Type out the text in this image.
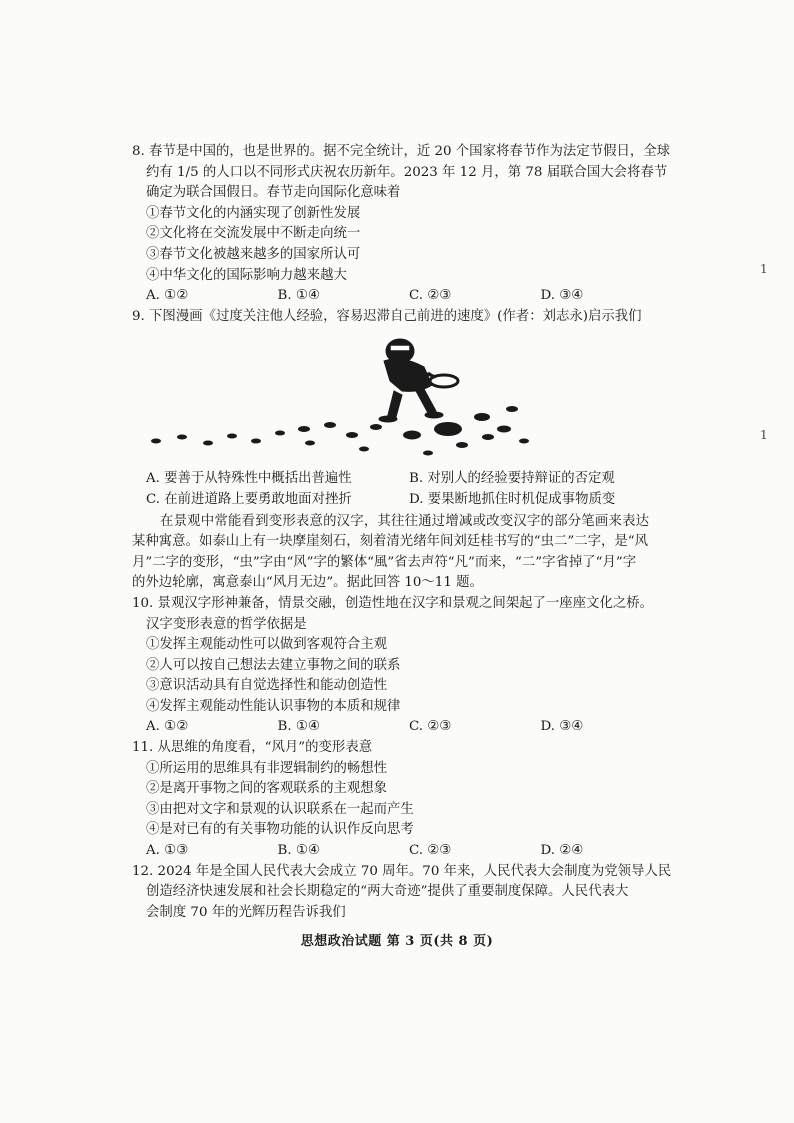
8. 春节是中国的，也是世界的。据不完全统计，近 20 个国家将春节作为法定节假日，全球

约有 1/5 的人口以不同形式庆祝农历新年。2023 年 12 月，第 78 届联合国大会将春节

确定为联合国假日。春节走向国际化意味着

①春节文化的内涵实现了创新性发展

②文化将在交流发展中不断走向统一

③春节文化被越来越多的国家所认可

④中华文化的国际影响力越来越大

A. ①②	B. ①④	C. ②③	D. ③④

9. 下图漫画《过度关注他人经验，容易迟滞自己前进的速度》(作者：刘志永)启示我们

A. 要善于从特殊性中概括出普遍性	B. 对别人的经验要持辩证的否定观
C. 在前进道路上要勇敢地面对挫折	D. 要果断地抓住时机促成事物质变

在景观中常能看到变形表意的汉字，其往往通过增减或改变汉字的部分笔画来表达

某种寓意。如泰山上有一块摩崖刻石，刻着清光绪年间刘廷桂书写的“虫二”二字，是“风

月”二字的变形，“虫”字由“风”字的繁体“風”省去声符“凡”而来，“二”字省掉了“月”字

的外边轮廓，寓意泰山“风月无边”。据此回答 10～11 题。

10. 景观汉字形神兼备，情景交融，创造性地在汉字和景观之间架起了一座座文化之桥。

汉字变形表意的哲学依据是

①发挥主观能动性可以做到客观符合主观

②人可以按自己想法去建立事物之间的联系

③意识活动具有自觉选择性和能动创造性

④发挥主观能动性能认识事物的本质和规律

A. ①②	B. ①④	C. ②③	D. ③④

11. 从思维的角度看，“风月”的变形表意

①所运用的思维具有非逻辑制约的畅想性

②是离开事物之间的客观联系的主观想象

③由把对文字和景观的认识联系在一起而产生

④是对已有的有关事物功能的认识作反向思考

A. ①③	B. ①④	C. ②③	D. ②④

12. 2024 年是全国人民代表大会成立 70 周年。70 年来，人民代表大会制度为党领导人民

创造经济快速发展和社会长期稳定的“两大奇迹”提供了重要制度保障。人民代表大

会制度 70 年的光辉历程告诉我们

思想政治试题 第 3 页(共 8 页)
1
1
